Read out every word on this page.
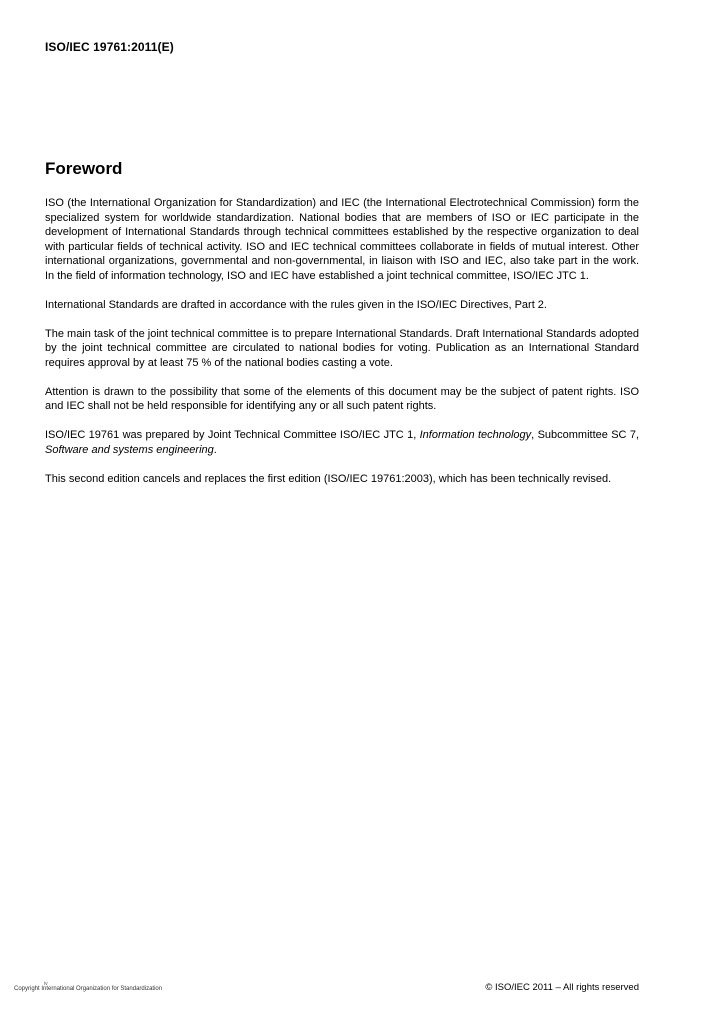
ISO/IEC 19761:2011(E)
Foreword

ISO (the International Organization for Standardization) and IEC (the International Electrotechnical Commission) form the specialized system for worldwide standardization. National bodies that are members of ISO or IEC participate in the development of International Standards through technical committees established by the respective organization to deal with particular fields of technical activity. ISO and IEC technical committees collaborate in fields of mutual interest. Other international organizations, governmental and non-governmental, in liaison with ISO and IEC, also take part in the work. In the field of information technology, ISO and IEC have established a joint technical committee, ISO/IEC JTC 1.

International Standards are drafted in accordance with the rules given in the ISO/IEC Directives, Part 2.

The main task of the joint technical committee is to prepare International Standards. Draft International Standards adopted by the joint technical committee are circulated to national bodies for voting. Publication as an International Standard requires approval by at least 75 % of the national bodies casting a vote.

Attention is drawn to the possibility that some of the elements of this document may be the subject of patent rights. ISO and IEC shall not be held responsible for identifying any or all such patent rights.

ISO/IEC 19761 was prepared by Joint Technical Committee ISO/IEC JTC 1, Information technology, Subcommittee SC 7, Software and systems engineering.

This second edition cancels and replaces the first edition (ISO/IEC 19761:2003), which has been technically revised.

iv
Copyright International Organization for Standardization	© ISO/IEC 2011 – All rights reserved
